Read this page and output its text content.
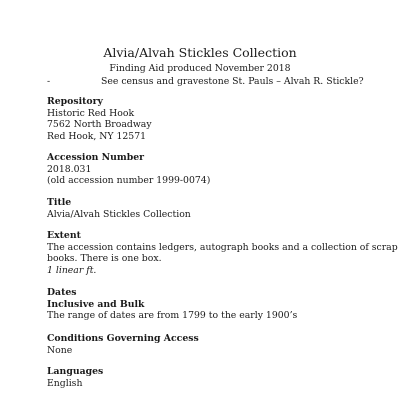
Alvia/Alvah Stickles Collection
Finding Aid produced November 2018
-	See census and gravestone St. Pauls – Alvah R. Stickle?
Repository
Historic Red Hook
7562 North Broadway
Red Hook, NY 12571
Accession Number
2018.031
(old accession number 1999-0074)
Title
Alvia/Alvah Stickles Collection
Extent
The accession contains ledgers, autograph books and a collection of scrap
books. There is one box.
1 linear ft.
Dates
Inclusive and Bulk
The range of dates are from 1799 to the early 1900’s
Conditions Governing Access
None
Languages
English
